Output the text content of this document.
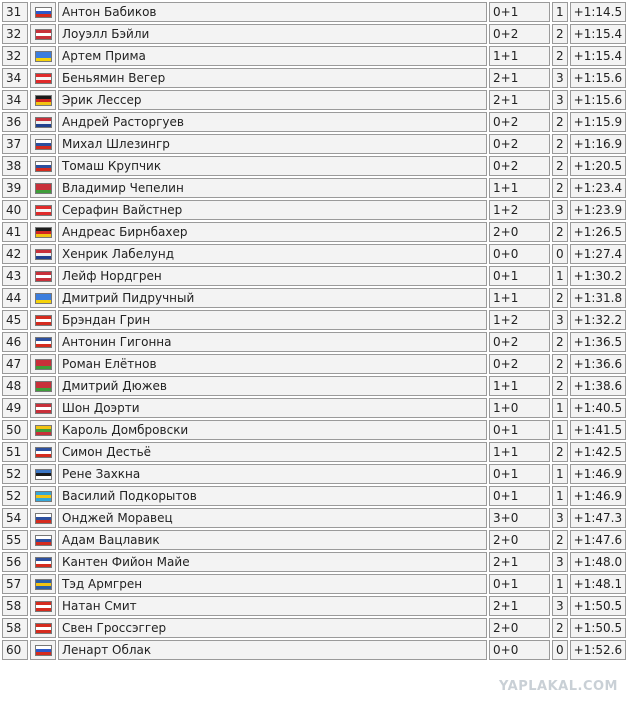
31		Антон Бабиков	0+1	1	+1:14.5
32		Лоуэлл Бэйли	0+2	2	+1:15.4
32		Артем Прима	1+1	2	+1:15.4
34		Беньямин Вегер	2+1	3	+1:15.6
34		Эрик Лессер	2+1	3	+1:15.6
36		Андрей Расторгуев	0+2	2	+1:15.9
37		Михал Шлезингр	0+2	2	+1:16.9
38		Томаш Крупчик	0+2	2	+1:20.5
39		Владимир Чепелин	1+1	2	+1:23.4
40		Серафин Вайстнер	1+2	3	+1:23.9
41		Андреас Бирнбахер	2+0	2	+1:26.5
42		Хенрик Лабелунд	0+0	0	+1:27.4
43		Лейф Нордгрен	0+1	1	+1:30.2
44		Дмитрий Пидручный	1+1	2	+1:31.8
45		Брэндан Грин	1+2	3	+1:32.2
46		Антонин Гигонна	0+2	2	+1:36.5
47		Роман Елётнов	0+2	2	+1:36.6
48		Дмитрий Дюжев	1+1	2	+1:38.6
49		Шон Доэрти	1+0	1	+1:40.5
50		Кароль Домбровски	0+1	1	+1:41.5
51		Симон Дестьё	1+1	2	+1:42.5
52		Рене Захкна	0+1	1	+1:46.9
52		Василий Подкорытов	0+1	1	+1:46.9
54		Онджей Моравец	3+0	3	+1:47.3
55		Адам Вацлавик	2+0	2	+1:47.6
56		Кантен Фийон Майе	2+1	3	+1:48.0
57		Тэд Армгрен	0+1	1	+1:48.1
58		Натан Смит	2+1	3	+1:50.5
58		Свен Гроссэггер	2+0	2	+1:50.5
60		Ленарт Облак	0+0	0	+1:52.6
YAPLAKAL.COM
